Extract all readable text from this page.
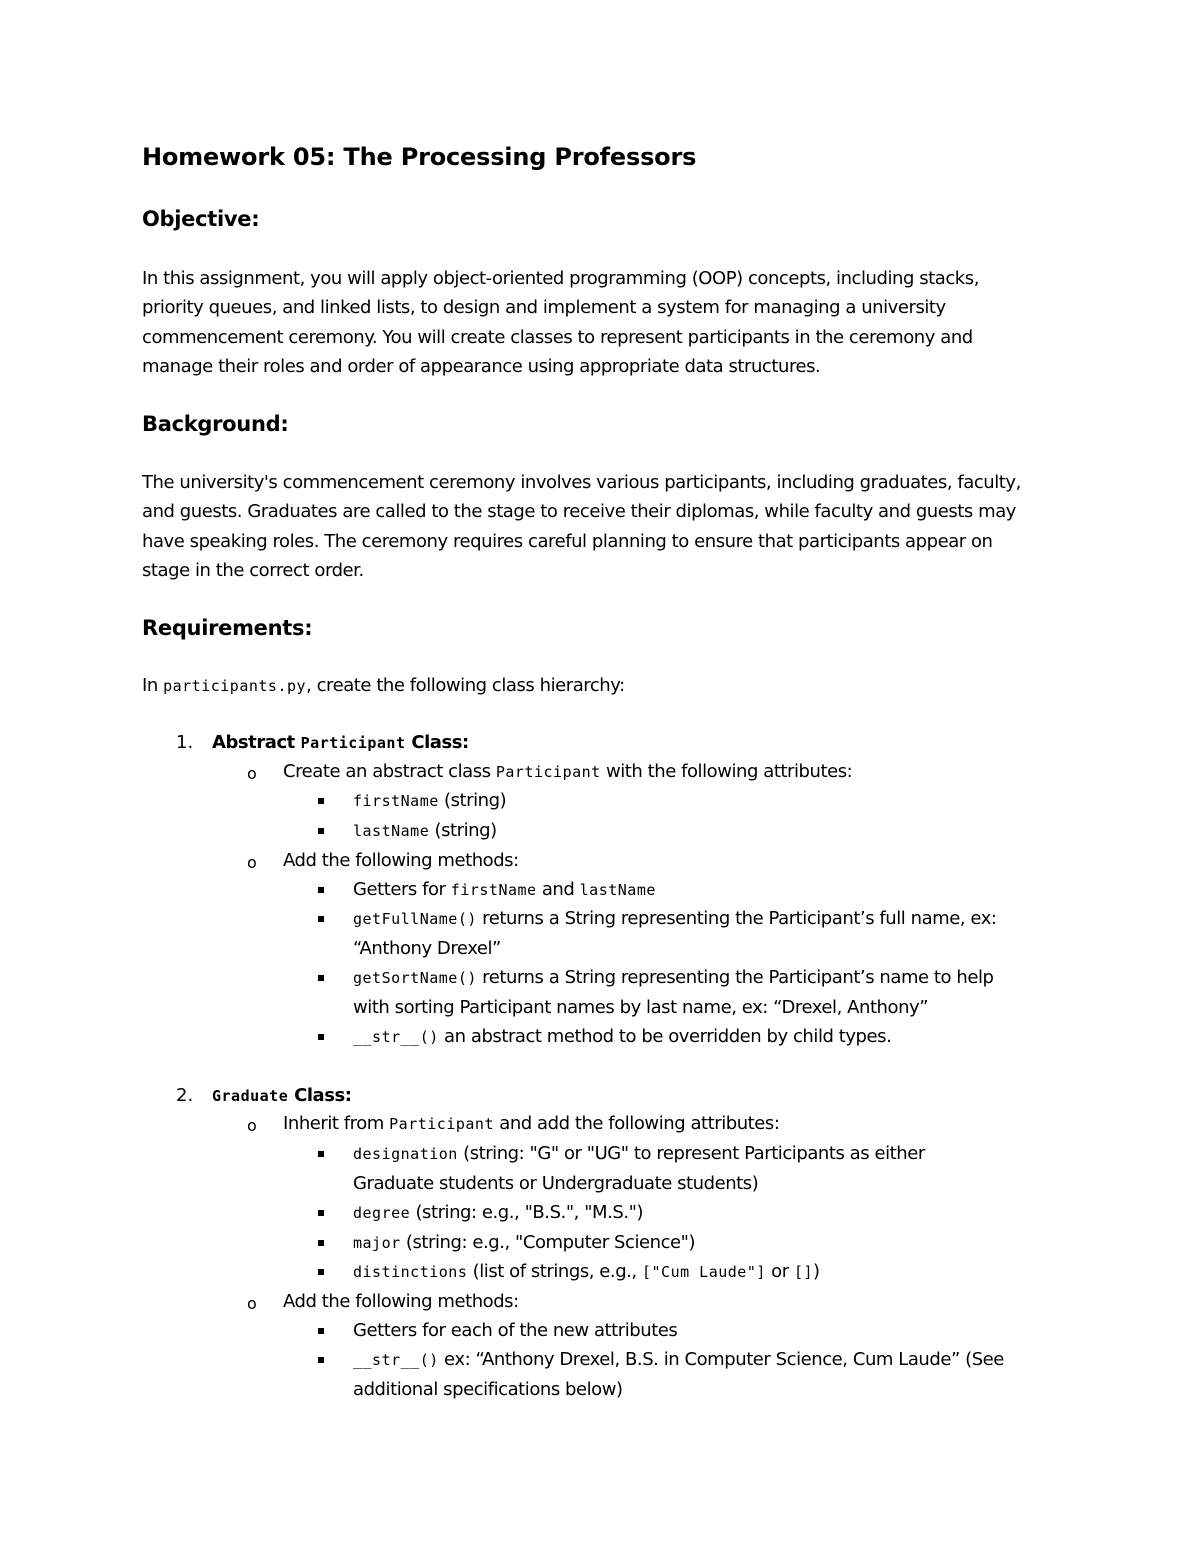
Homework 05: The Processing Professors
Objective:
In this assignment, you will apply object-oriented programming (OOP) concepts, including stacks,
priority queues, and linked lists, to design and implement a system for managing a university
commencement ceremony. You will create classes to represent participants in the ceremony and
manage their roles and order of appearance using appropriate data structures.
Background:
The university's commencement ceremony involves various participants, including graduates, faculty,
and guests. Graduates are called to the stage to receive their diplomas, while faculty and guests may
have speaking roles. The ceremony requires careful planning to ensure that participants appear on
stage in the correct order.
Requirements:
In participants.py, create the following class hierarchy:
1. Abstract Participant Class:
o Create an abstract class Participant with the following attributes:
firstName (string)
lastName (string)
o Add the following methods:
Getters for firstName and lastName
getFullName() returns a String representing the Participant’s full name, ex:
“Anthony Drexel”
getSortName() returns a String representing the Participant’s name to help
with sorting Participant names by last name, ex: “Drexel, Anthony”
__str__() an abstract method to be overridden by child types.
2. Graduate Class:
o Inherit from Participant and add the following attributes:
designation (string: "G" or "UG" to represent Participants as either
Graduate students or Undergraduate students)
degree (string: e.g., "B.S.", "M.S.")
major (string: e.g., "Computer Science")
distinctions (list of strings, e.g., ["Cum Laude"] or [])
o Add the following methods:
Getters for each of the new attributes
__str__() ex: “Anthony Drexel, B.S. in Computer Science, Cum Laude” (See
additional specifications below)
